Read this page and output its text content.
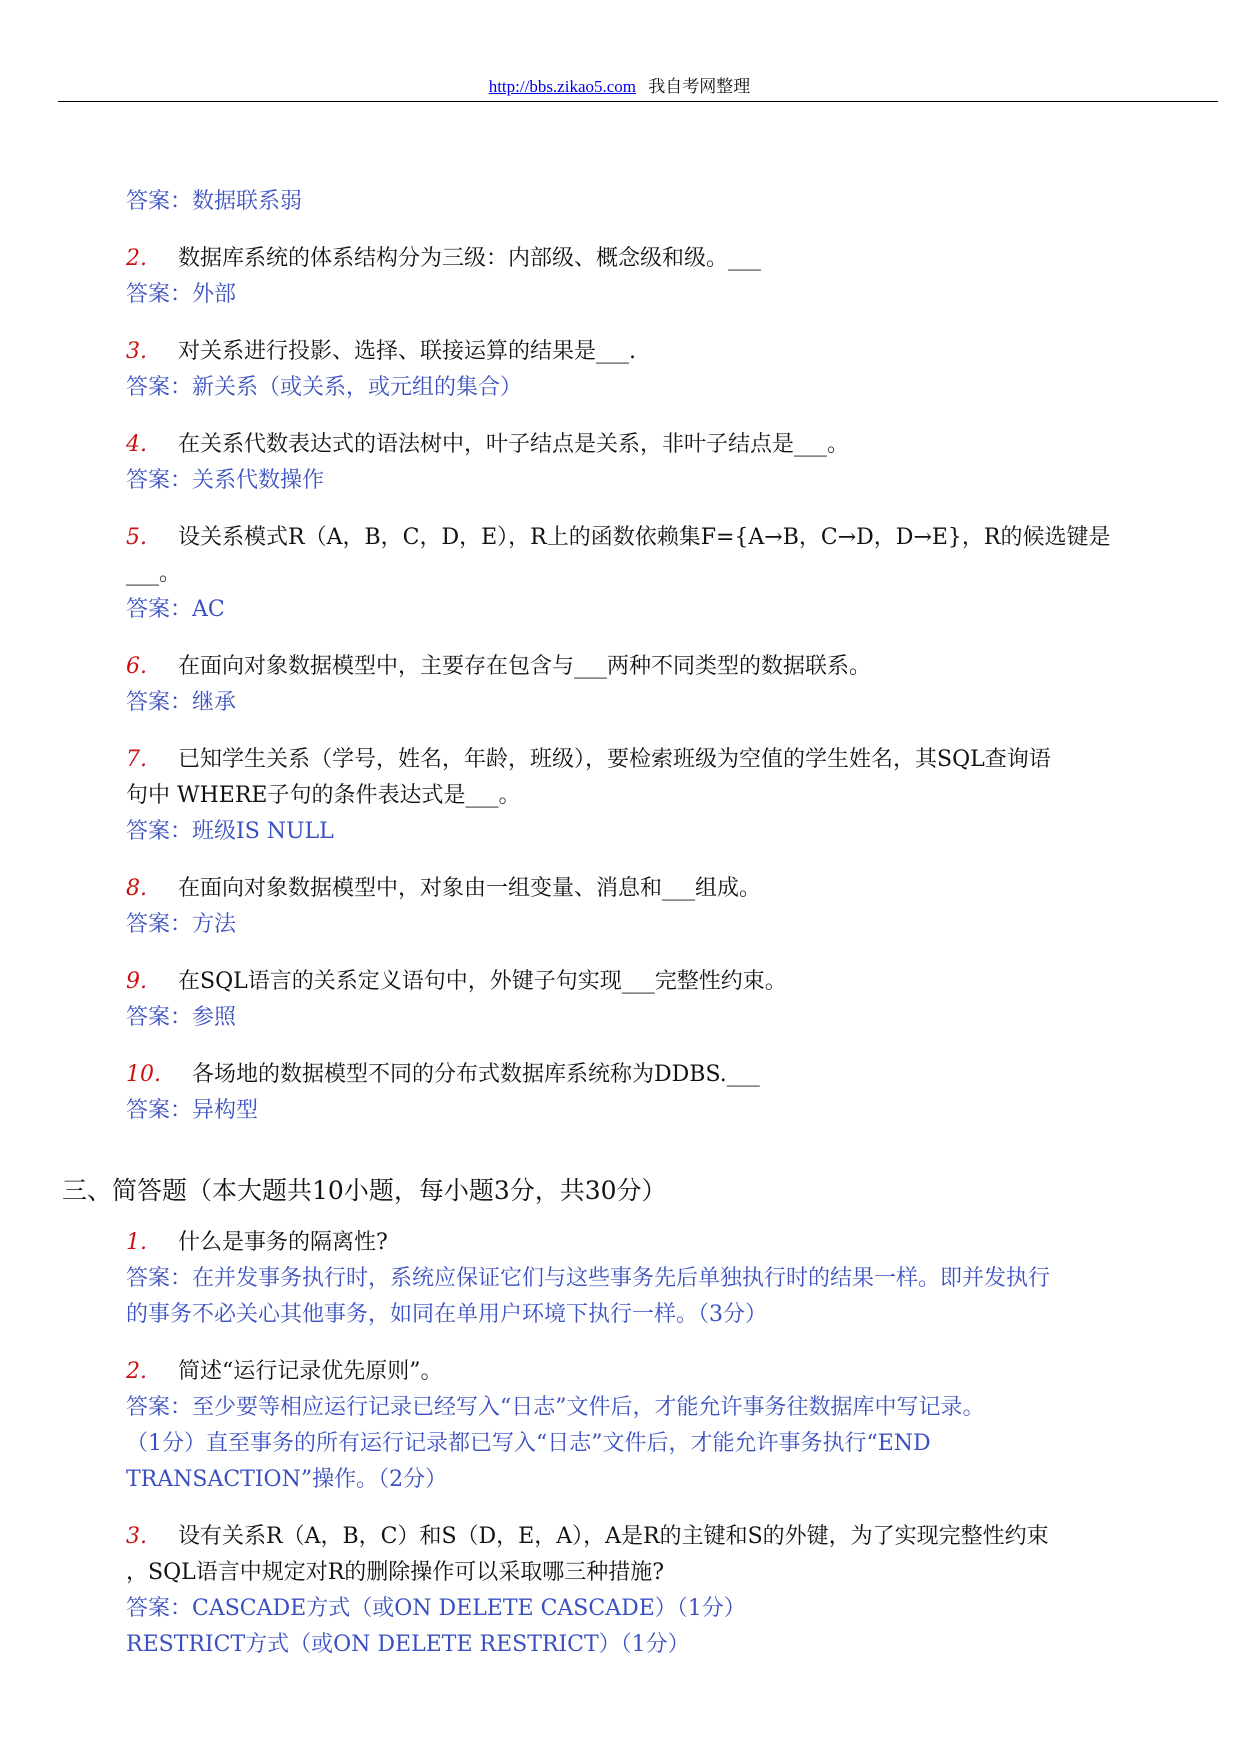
http://bbs.zikao5.com 我自考网整理
答案：数据联系弱
2. 数据库系统的体系结构分为三级：内部级、概念级和级。___
答案：外部
3. 对关系进行投影、选择、联接运算的结果是___.
答案：新关系（或关系，或元组的集合）
4. 在关系代数表达式的语法树中，叶子结点是关系，非叶子结点是___。
答案：关系代数操作
5. 设关系模式R（A，B，C，D，E），R上的函数依赖集F={A→B，C→D，D→E}，R的候选键是
___。
答案：AC
6. 在面向对象数据模型中，主要存在包含与___两种不同类型的数据联系。
答案：继承
7. 已知学生关系（学号，姓名，年龄，班级），要检索班级为空值的学生姓名，其SQL查询语
句中 WHERE子句的条件表达式是___。
答案：班级IS NULL
8. 在面向对象数据模型中，对象由一组变量、消息和___组成。
答案：方法
9. 在SQL语言的关系定义语句中，外键子句实现___完整性约束。
答案：参照
10. 各场地的数据模型不同的分布式数据库系统称为DDBS.___
答案：异构型
三、简答题（本大题共10小题，每小题3分，共30分）
1. 什么是事务的隔离性?
答案：在并发事务执行时，系统应保证它们与这些事务先后单独执行时的结果一样。即并发执行
的事务不必关心其他事务，如同在单用户环境下执行一样。（3分）
2. 简述“运行记录优先原则”。
答案：至少要等相应运行记录已经写入“日志”文件后，才能允许事务往数据库中写记录。
（1分）直至事务的所有运行记录都已写入“日志”文件后，才能允许事务执行“END
TRANSACTION”操作。（2分）
3. 设有关系R（A，B，C）和S（D，E，A），A是R的主键和S的外键，为了实现完整性约束
，SQL语言中规定对R的删除操作可以采取哪三种措施?
答案：CASCADE方式（或ON DELETE CASCADE）（1分）
RESTRICT方式（或ON DELETE RESTRICT）（1分）
